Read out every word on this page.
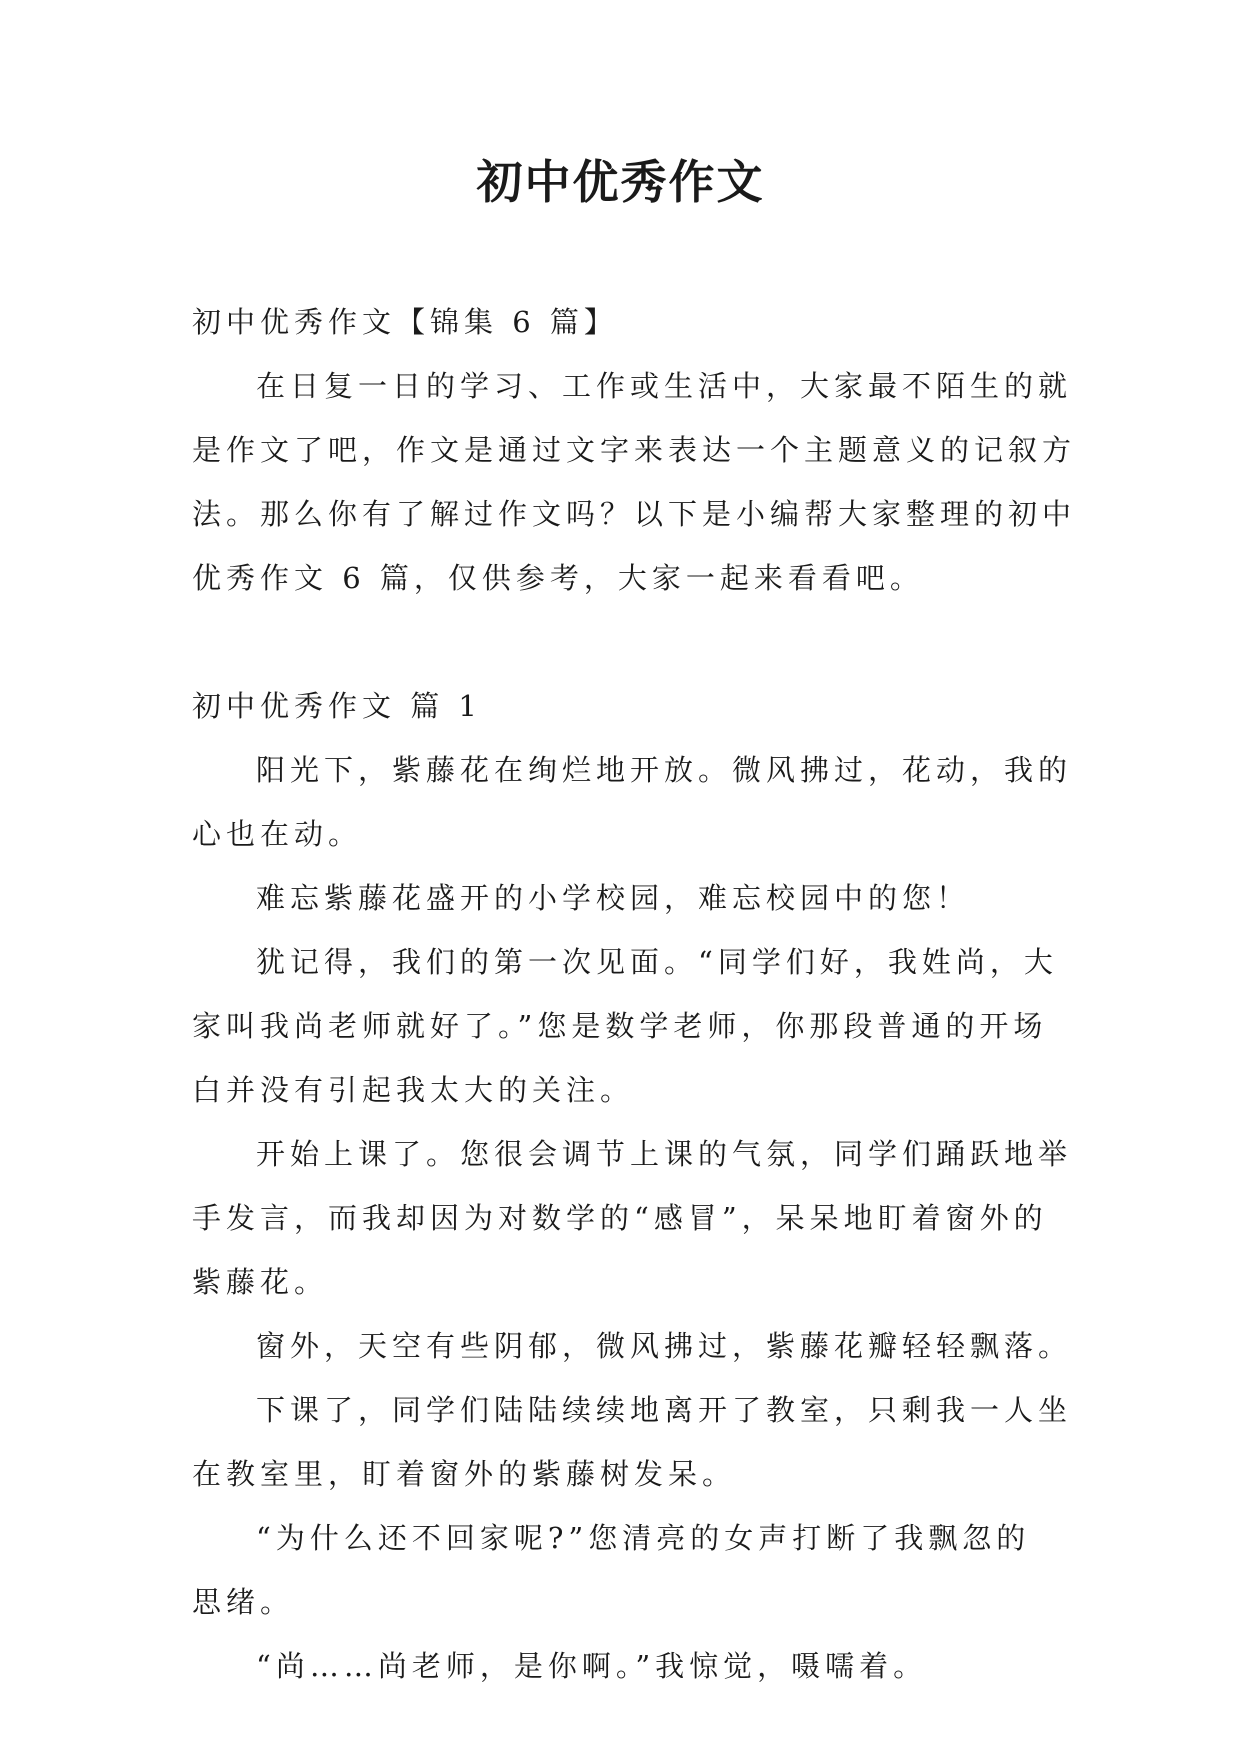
初中优秀作文
初中优秀作文【锦集 6 篇】
在日复一日的学习、工作或生活中，大家最不陌生的就
是作文了吧，作文是通过文字来表达一个主题意义的记叙方
法。那么你有了解过作文吗？以下是小编帮大家整理的初中
优秀作文 6 篇，仅供参考，大家一起来看看吧。
初中优秀作文 篇 1
阳光下，紫藤花在绚烂地开放。微风拂过，花动，我的
心也在动。
难忘紫藤花盛开的小学校园，难忘校园中的您！
犹记得，我们的第一次见面。“同学们好，我姓尚，大
家叫我尚老师就好了。”您是数学老师，你那段普通的开场
白并没有引起我太大的关注。
开始上课了。您很会调节上课的气氛，同学们踊跃地举
手发言，而我却因为对数学的“感冒”，呆呆地盯着窗外的
紫藤花。
窗外，天空有些阴郁，微风拂过，紫藤花瓣轻轻飘落。
下课了，同学们陆陆续续地离开了教室，只剩我一人坐
在教室里，盯着窗外的紫藤树发呆。
“为什么还不回家呢?”您清亮的女声打断了我飘忽的
思绪。
“尚……尚老师，是你啊。”我惊觉，嗫嚅着。
